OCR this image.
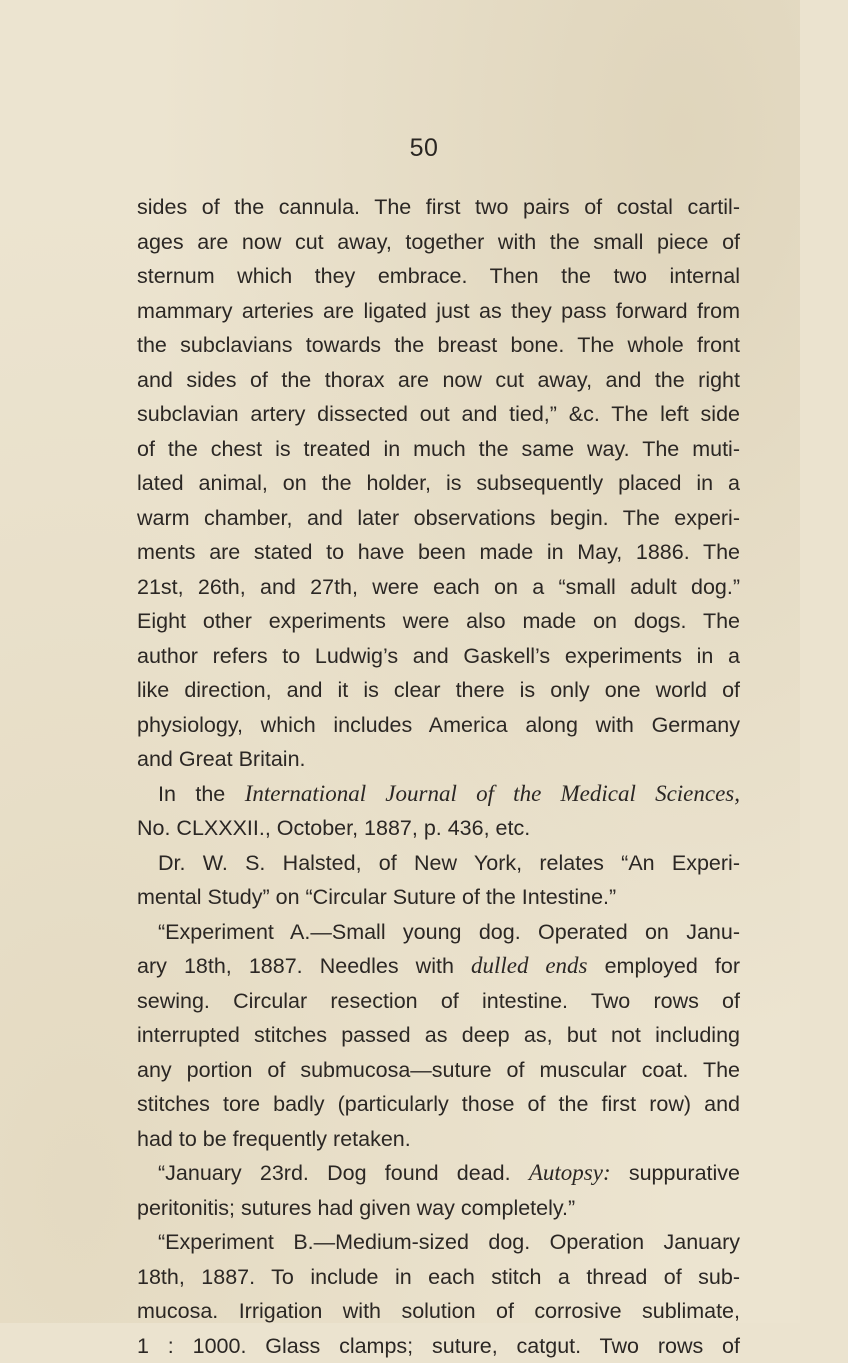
50

sides of the cannula. The first two pairs of costal cartil-

ages are now cut away, together with the small piece of

sternum which they embrace. Then the two internal

mammary arteries are ligated just as they pass forward from

the subclavians towards the breast bone. The whole front

and sides of the thorax are now cut away, and the right

subclavian artery dissected out and tied,” &c. The left side

of the chest is treated in much the same way. The muti-

lated animal, on the holder, is subsequently placed in a

warm chamber, and later observations begin. The experi-

ments are stated to have been made in May, 1886. The

21st, 26th, and 27th, were each on a “small adult dog.”

Eight other experiments were also made on dogs. The

author refers to Ludwig’s and Gaskell’s experiments in a

like direction, and it is clear there is only one world of

physiology, which includes America along with Germany

and Great Britain.

In the International Journal of the Medical Sciences,

No. CLXXXII., October, 1887, p. 436, etc.

Dr. W. S. Halsted, of New York, relates “An Experi-

mental Study” on “Circular Suture of the Intestine.”

“Experiment A.—Small young dog. Operated on Janu-

ary 18th, 1887. Needles with dulled ends employed for

sewing. Circular resection of intestine. Two rows of

interrupted stitches passed as deep as, but not including

any portion of submucosa—suture of muscular coat. The

stitches tore badly (particularly those of the first row) and

had to be frequently retaken.

“January 23rd. Dog found dead. Autopsy: suppurative

peritonitis; sutures had given way completely.”

“Experiment B.—Medium-sized dog. Operation January

18th, 1887. To include in each stitch a thread of sub-

mucosa. Irrigation with solution of corrosive sublimate,

1 : 1000. Glass clamps; suture, catgut. Two rows of
